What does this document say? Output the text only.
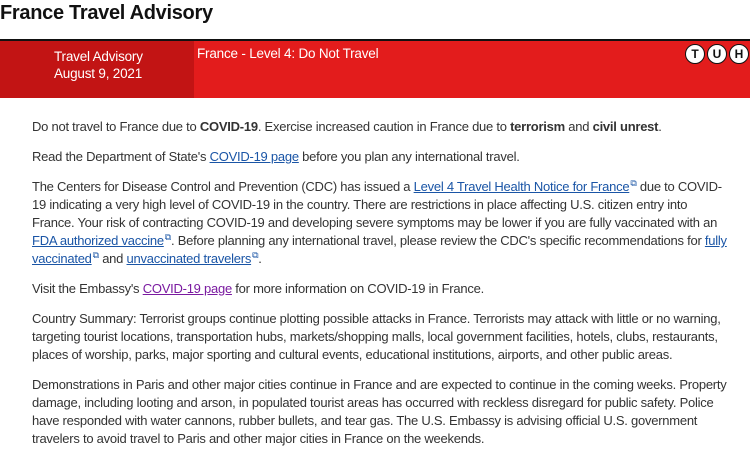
France Travel Advisory
Travel Advisory
August 9, 2021
France - Level 4: Do Not Travel	T	U	H

Do not travel to France due to COVID-19. Exercise increased caution in France due to terrorism and civil unrest.

Read the Department of State's COVID-19 page before you plan any international travel.

The Centers for Disease Control and Prevention (CDC) has issued a Level 4 Travel Health Notice for France⧉ due to COVID-19 indicating a very high level of COVID-19 in the country. There are restrictions in place affecting U.S. citizen entry into France. Your risk of contracting COVID-19 and developing severe symptoms may be lower if you are fully vaccinated with an FDA authorized vaccine⧉. Before planning any international travel, please review the CDC's specific recommendations for fully vaccinated⧉ and unvaccinated travelers⧉.

Visit the Embassy's COVID-19 page for more information on COVID-19 in France.

Country Summary: Terrorist groups continue plotting possible attacks in France. Terrorists may attack with little or no warning, targeting tourist locations, transportation hubs, markets/shopping malls, local government facilities, hotels, clubs, restaurants, places of worship, parks, major sporting and cultural events, educational institutions, airports, and other public areas.

Demonstrations in Paris and other major cities continue in France and are expected to continue in the coming weeks. Property damage, including looting and arson, in populated tourist areas has occurred with reckless disregard for public safety. Police have responded with water cannons, rubber bullets, and tear gas. The U.S. Embassy is advising official U.S. government travelers to avoid travel to Paris and other major cities in France on the weekends.
